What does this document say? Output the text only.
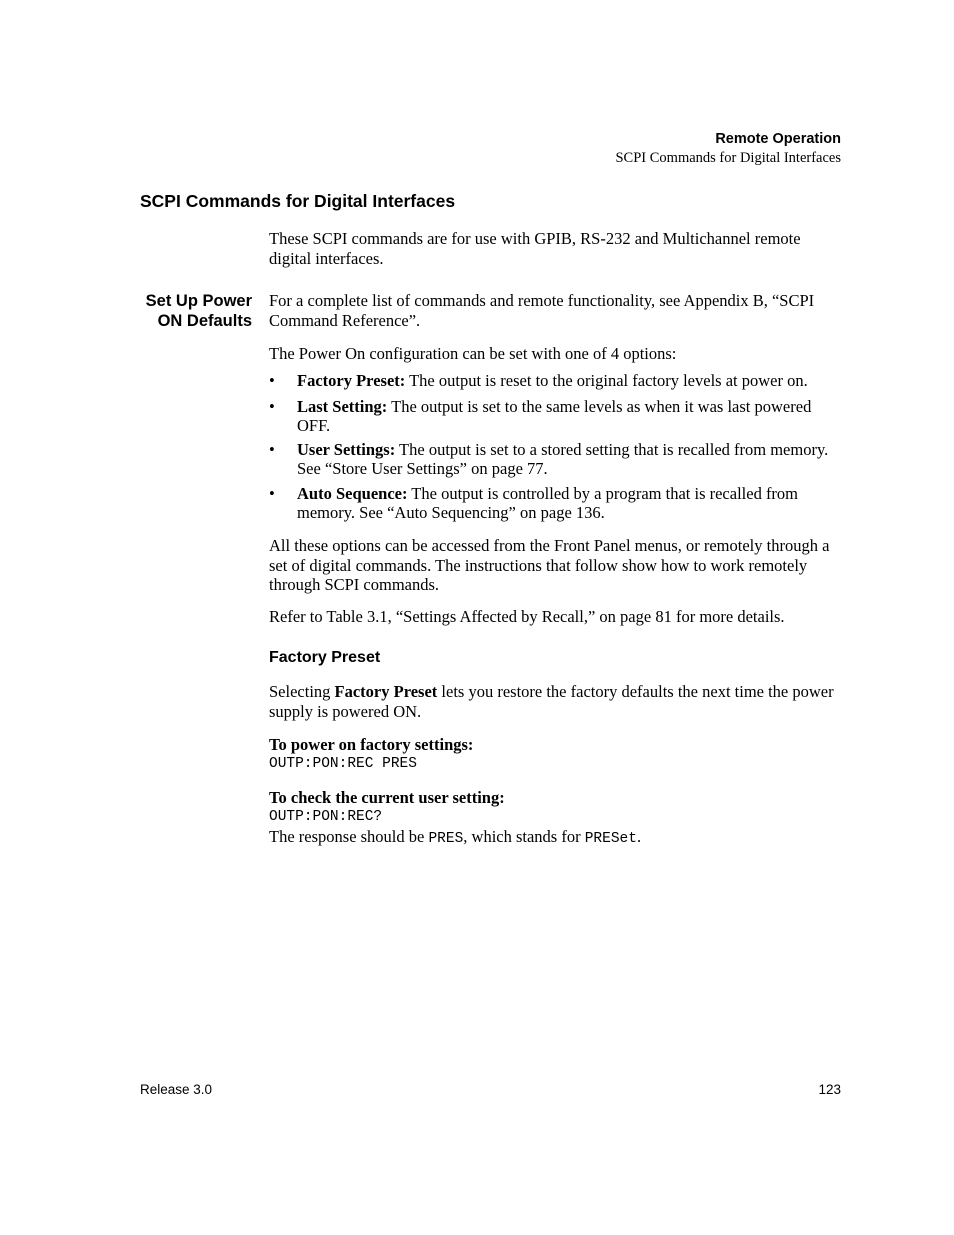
Remote Operation
SCPI Commands for Digital Interfaces
SCPI Commands for Digital Interfaces

These SCPI commands are for use with GPIB, RS-232 and Multichannel remote digital interfaces.

Set Up Power
ON Defaults

For a complete list of commands and remote functionality, see Appendix B, “SCPI Command Reference”.

The Power On configuration can be set with one of 4 options:

• Factory Preset: The output is reset to the original factory levels at power on.
• Last Setting: The output is set to the same levels as when it was last powered OFF.
• User Settings: The output is set to a stored setting that is recalled from memory. See “Store User Settings” on page 77.
• Auto Sequence: The output is controlled by a program that is recalled from memory. See “Auto Sequencing” on page 136.

All these options can be accessed from the Front Panel menus, or remotely through a set of digital commands. The instructions that follow show how to work remotely through SCPI commands.

Refer to Table 3.1, “Settings Affected by Recall,” on page 81 for more details.

Factory Preset

Selecting Factory Preset lets you restore the factory defaults the next time the power supply is powered ON.

To power on factory settings:
OUTP:PON:REC PRES
To check the current user setting:
OUTP:PON:REC?
The response should be PRES, which stands for PRESet.
Release 3.0	123
